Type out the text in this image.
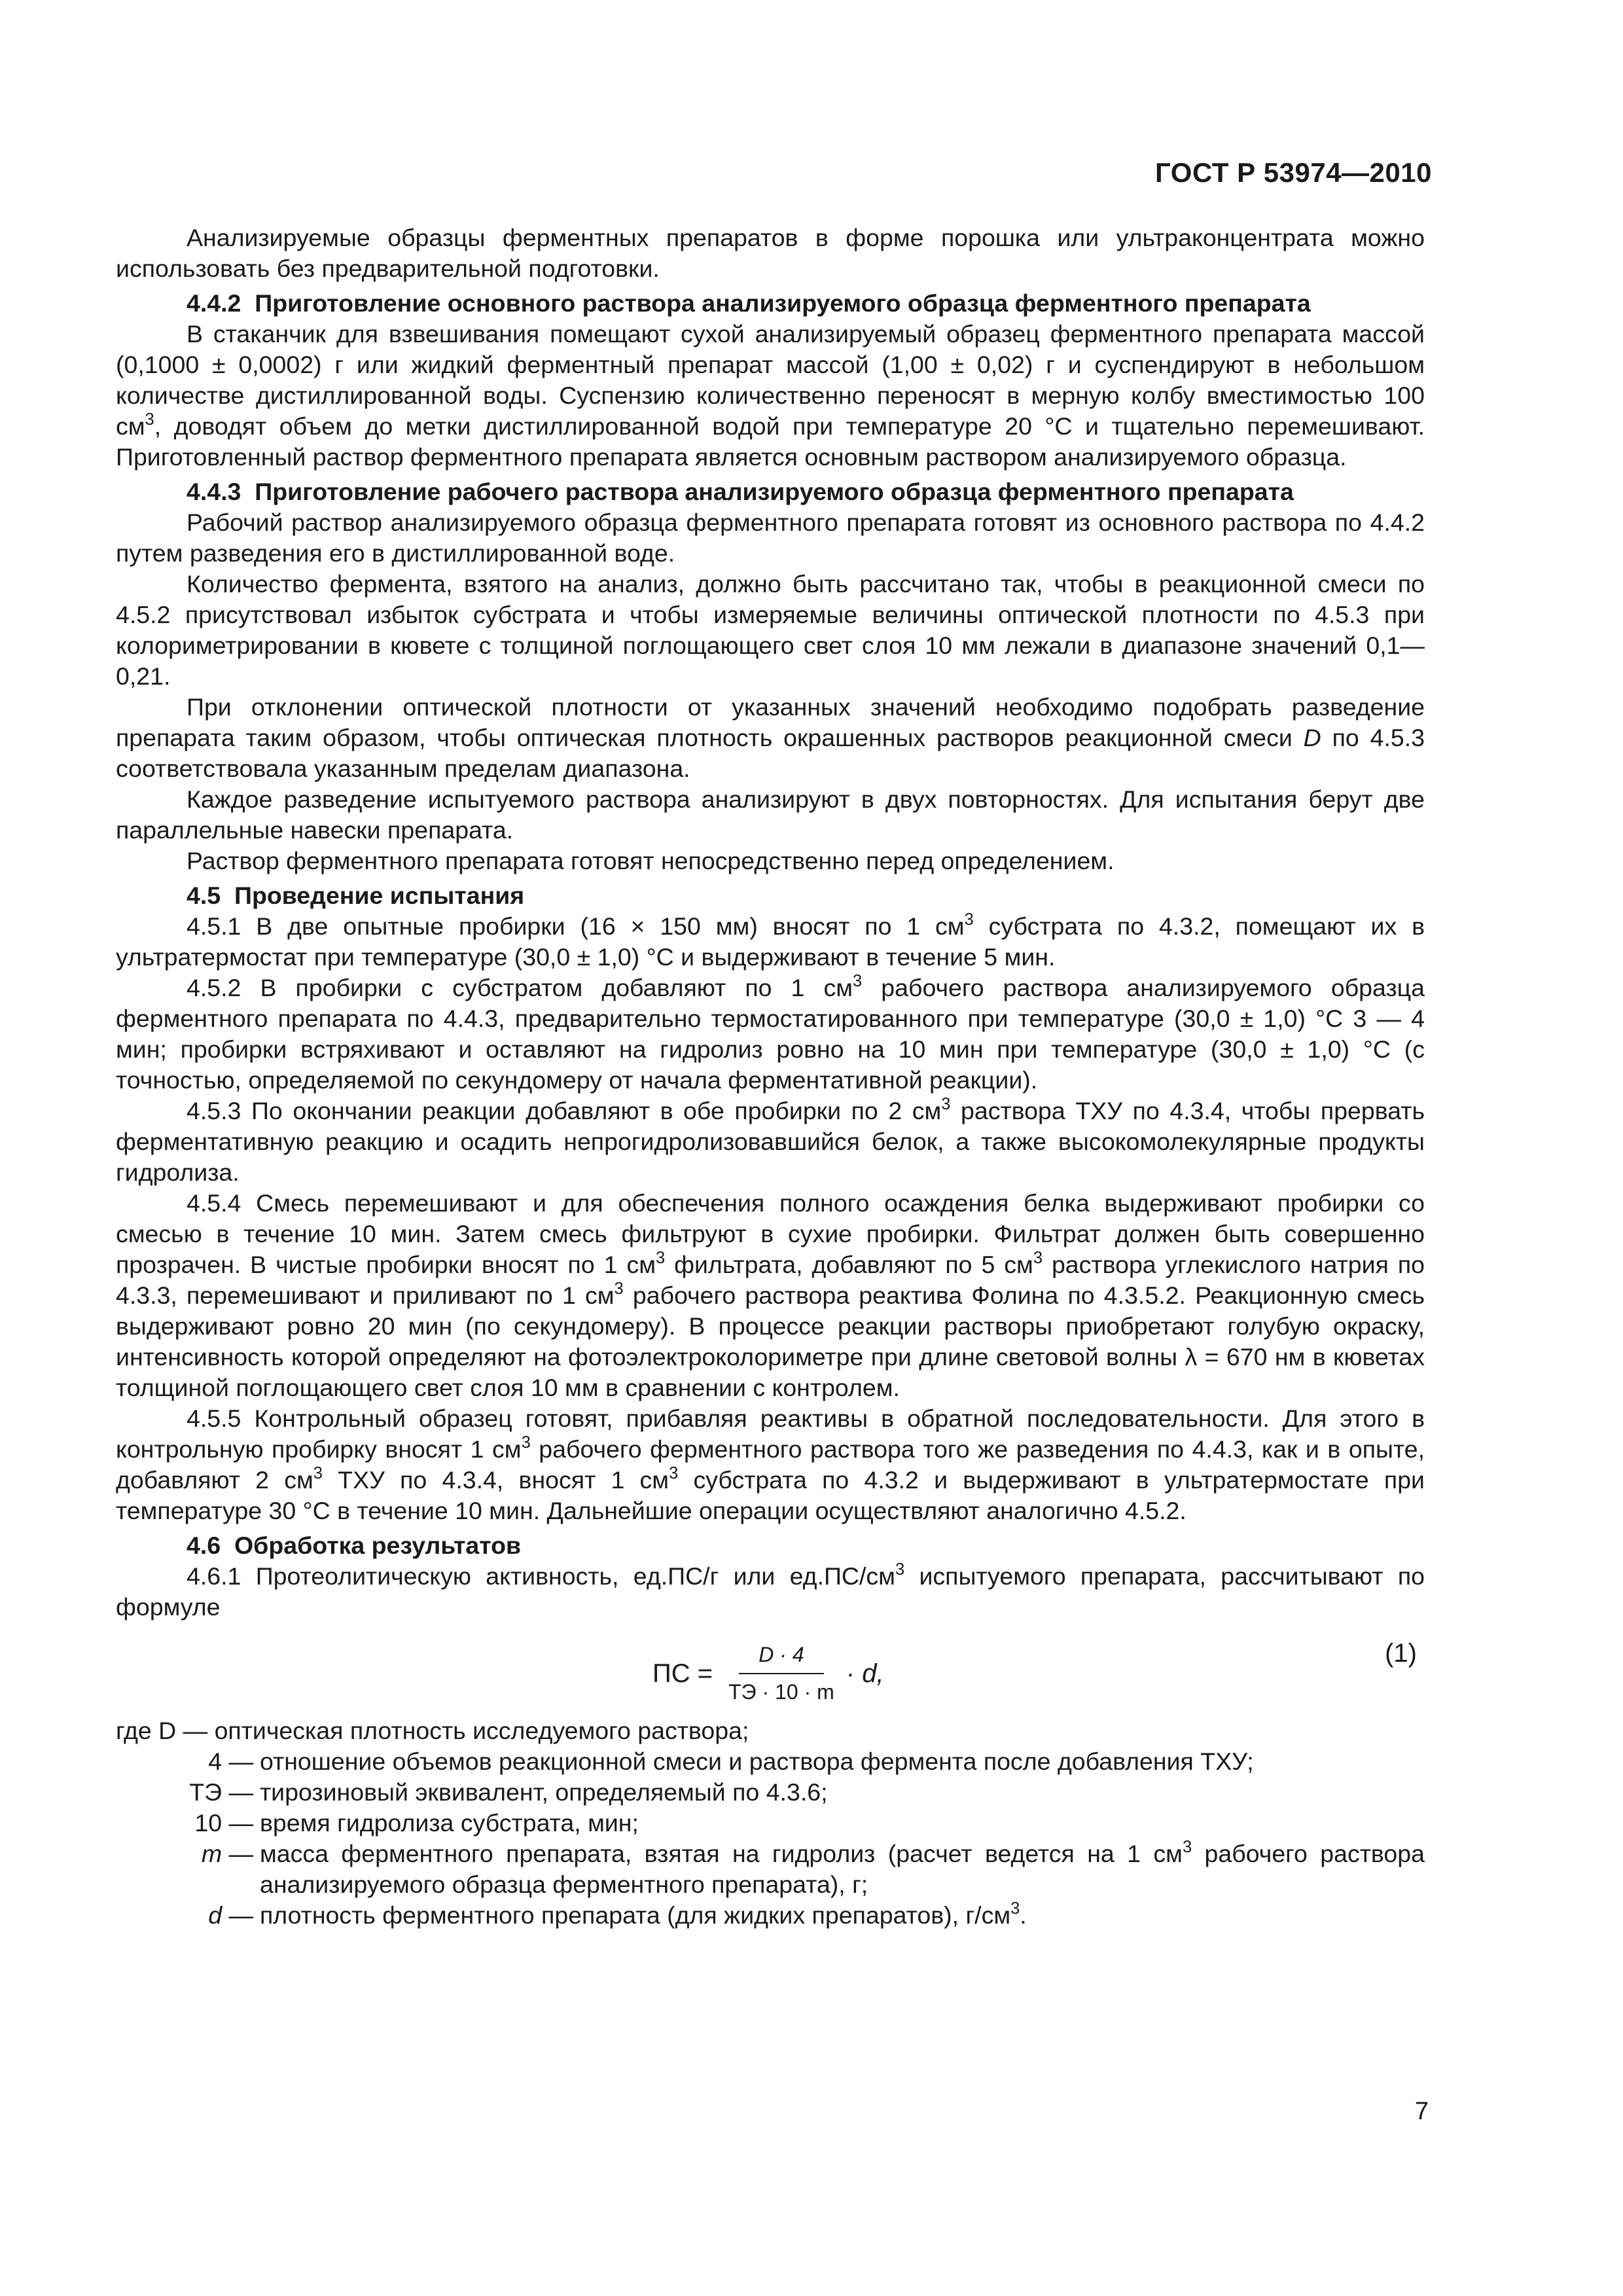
ГОСТ Р 53974—2010

Анализируемые образцы ферментных препаратов в форме порошка или ультраконцентрата можно использовать без предварительной подготовки.

4.4.2 Приготовление основного раствора анализируемого образца ферментного препарата

В стаканчик для взвешивания помещают сухой анализируемый образец ферментного препарата массой (0,1000 ± 0,0002) г или жидкий ферментный препарат массой (1,00 ± 0,02) г и суспендируют в небольшом количестве дистиллированной воды. Суспензию количественно переносят в мерную колбу вместимостью 100 $см^3$, доводят объем до метки дистиллированной водой при температуре 20 °С и тщательно перемешивают. Приготовленный раствор ферментного препарата является основным раствором анализируемого образца.

4.4.3 Приготовление рабочего раствора анализируемого образца ферментного препарата

Рабочий раствор анализируемого образца ферментного препарата готовят из основного раствора по 4.4.2 путем разведения его в дистиллированной воде.

Количество фермента, взятого на анализ, должно быть рассчитано так, чтобы в реакционной смеси по 4.5.2 присутствовал избыток субстрата и чтобы измеряемые величины оптической плотности по 4.5.3 при колориметрировании в кювете с толщиной поглощающего свет слоя 10 мм лежали в диапазоне значений 0,1—0,21.

При отклонении оптической плотности от указанных значений необходимо подобрать разведение препарата таким образом, чтобы оптическая плотность окрашенных растворов реакционной смеси D по 4.5.3 соответствовала указанным пределам диапазона.

Каждое разведение испытуемого раствора анализируют в двух повторностях. Для испытания берут две параллельные навески препарата.

Раствор ферментного препарата готовят непосредственно перед определением.

4.5 Проведение испытания

4.5.1 В две опытные пробирки (16 × 150 мм) вносят по 1 $см^3$ субстрата по 4.3.2, помещают их в ультратермостат при температуре (30,0 ± 1,0) °С и выдерживают в течение 5 мин.

4.5.2 В пробирки с субстратом добавляют по 1 $см^3$ рабочего раствора анализируемого образца ферментного препарата по 4.4.3, предварительно термостатированного при температуре (30,0 ± 1,0) °С 3 — 4 мин; пробирки встряхивают и оставляют на гидролиз ровно на 10 мин при температуре (30,0 ± 1,0) °С (с точностью, определяемой по секундомеру от начала ферментативной реакции).

4.5.3 По окончании реакции добавляют в обе пробирки по 2 $см^3$ раствора ТХУ по 4.3.4, чтобы прервать ферментативную реакцию и осадить непрогидролизовавшийся белок, а также высокомолекулярные продукты гидролиза.

4.5.4 Смесь перемешивают и для обеспечения полного осаждения белка выдерживают пробирки со смесью в течение 10 мин. Затем смесь фильтруют в сухие пробирки. Фильтрат должен быть совершенно прозрачен. В чистые пробирки вносят по 1 $см^3$ фильтрата, добавляют по 5 $см^3$ раствора углекислого натрия по 4.3.3, перемешивают и приливают по 1 $см^3$ рабочего раствора реактива Фолина по 4.3.5.2. Реакционную смесь выдерживают ровно 20 мин (по секундомеру). В процессе реакции растворы приобретают голубую окраску, интенсивность которой определяют на фотоэлектроколориметре при длине световой волны λ = 670 нм в кюветах толщиной поглощающего свет слоя 10 мм в сравнении с контролем.

4.5.5 Контрольный образец готовят, прибавляя реактивы в обратной последовательности. Для этого в контрольную пробирку вносят 1 $см^3$ рабочего ферментного раствора того же разведения по 4.4.3, как и в опыте, добавляют 2 $см^3$ ТХУ по 4.3.4, вносят 1 $см^3$ субстрата по 4.3.2 и выдерживают в ультратермостате при температуре 30 °С в течение 10 мин. Дальнейшие операции осуществляют аналогично 4.5.2.

4.6 Обработка результатов

4.6.1 Протеолитическую активность, ед.ПС/г или $ед.ПС/см^3$ испытуемого препарата, рассчитывают по формуле

ПС = $\frac{D \cdot 4}{ТЭ \cdot 10 \cdot m} \cdot d$,
(1)
где D — оптическая плотность исследуемого раствора;
4 — отношение объемов реакционной смеси и раствора фермента после добавления ТХУ;
ТЭ — тирозиновый эквивалент, определяемый по 4.3.6;
10 — время гидролиза субстрата, мин;
m — масса ферментного препарата, взятая на гидролиз (расчет ведется на 1 $см^3$ рабочего раствора анализируемого образца ферментного препарата), г;
d — плотность ферментного препарата (для жидких препаратов), $г/см^3$.
7
